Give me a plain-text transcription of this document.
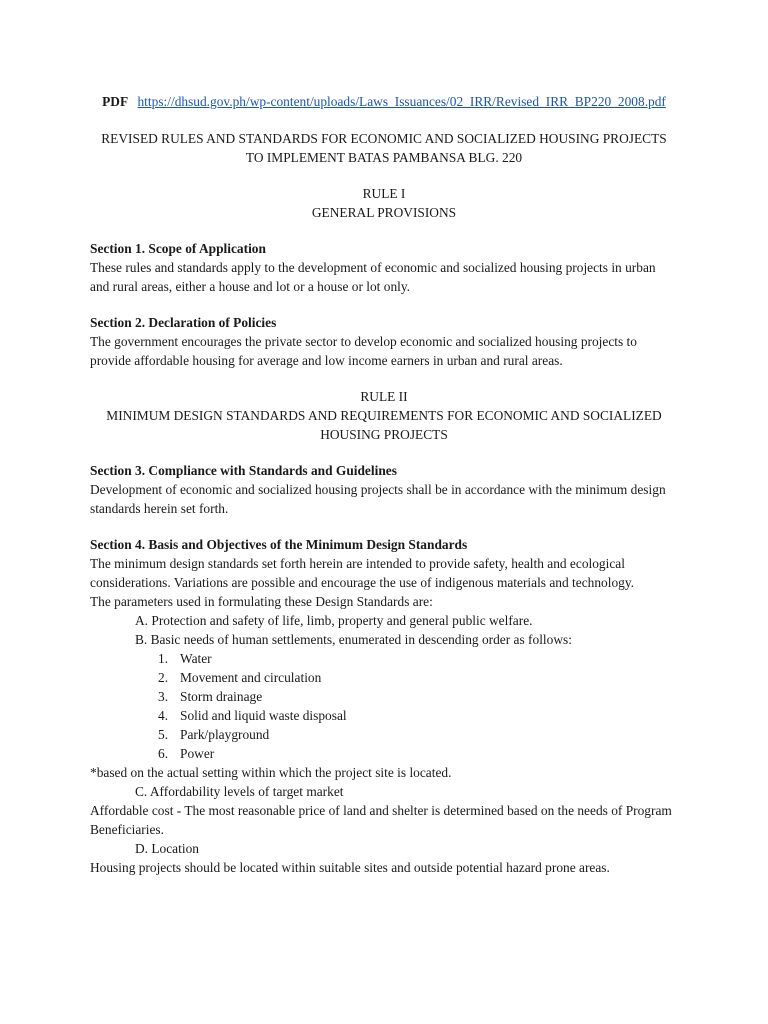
PDF https://dhsud.gov.ph/wp-content/uploads/Laws_Issuances/02_IRR/Revised_IRR_BP220_2008.pdf
REVISED RULES AND STANDARDS FOR ECONOMIC AND SOCIALIZED HOUSING PROJECTS
TO IMPLEMENT BATAS PAMBANSA BLG. 220
RULE I
GENERAL PROVISIONS
Section 1. Scope of Application

These rules and standards apply to the development of economic and socialized housing projects in urban and rural areas, either a house and lot or a house or lot only.

Section 2. Declaration of Policies

The government encourages the private sector to develop economic and socialized housing projects to provide affordable housing for average and low income earners in urban and rural areas.

RULE II
MINIMUM DESIGN STANDARDS AND REQUIREMENTS FOR ECONOMIC AND SOCIALIZED
HOUSING PROJECTS
Section 3. Compliance with Standards and Guidelines

Development of economic and socialized housing projects shall be in accordance with the minimum design standards herein set forth.

Section 4. Basis and Objectives of the Minimum Design Standards

The minimum design standards set forth herein are intended to provide safety, health and ecological considerations. Variations are possible and encourage the use of indigenous materials and technology.

The parameters used in formulating these Design Standards are:

A. Protection and safety of life, limb, property and general public welfare.

B. Basic needs of human settlements, enumerated in descending order as follows:

1. Water
2. Movement and circulation
3. Storm drainage
4. Solid and liquid waste disposal
5. Park/playground
6. Power

*based on the actual setting within which the project site is located.

C. Affordability levels of target market

Affordable cost - The most reasonable price of land and shelter is determined based on the needs of Program Beneficiaries.

D. Location

Housing projects should be located within suitable sites and outside potential hazard prone areas.
